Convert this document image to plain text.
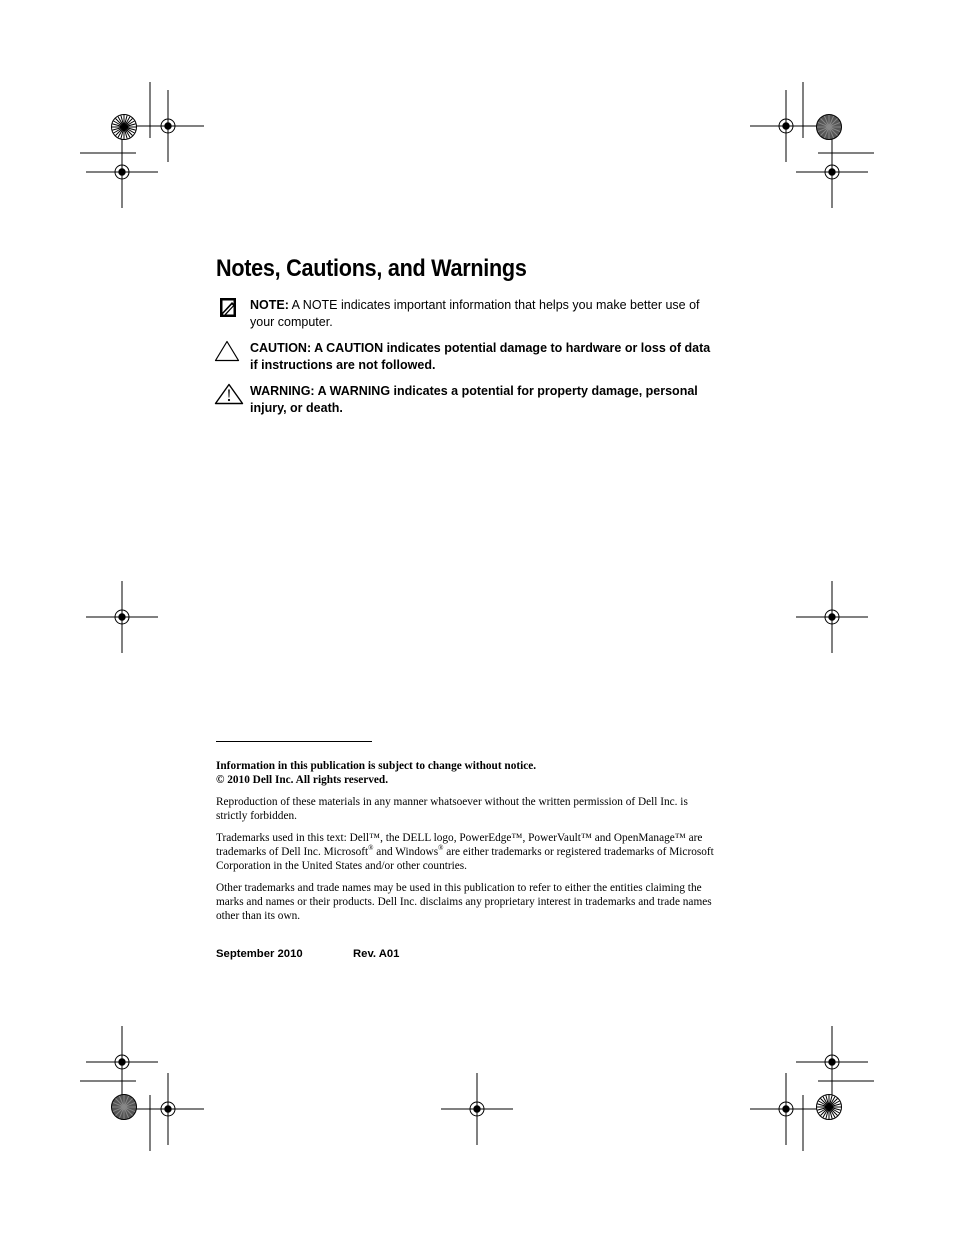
Notes, Cautions, and Warnings
NOTE: A NOTE indicates important information that helps you make better use of your computer.
CAUTION: A CAUTION indicates potential damage to hardware or loss of data if instructions are not followed.
WARNING: A WARNING indicates a potential for property damage, personal injury, or death.
Information in this publication is subject to change without notice.
© 2010 Dell Inc. All rights reserved.
Reproduction of these materials in any manner whatsoever without the written permission of Dell Inc. is strictly forbidden.
Trademarks used in this text: Dell™, the DELL logo, PowerEdge™, PowerVault™ and OpenManage™ are trademarks of Dell Inc. Microsoft® and Windows® are either trademarks or registered trademarks of Microsoft Corporation in the United States and/or other countries.
Other trademarks and trade names may be used in this publication to refer to either the entities claiming the marks and names or their products. Dell Inc. disclaims any proprietary interest in trademarks and trade names other than its own.
September 2010	Rev. A01
